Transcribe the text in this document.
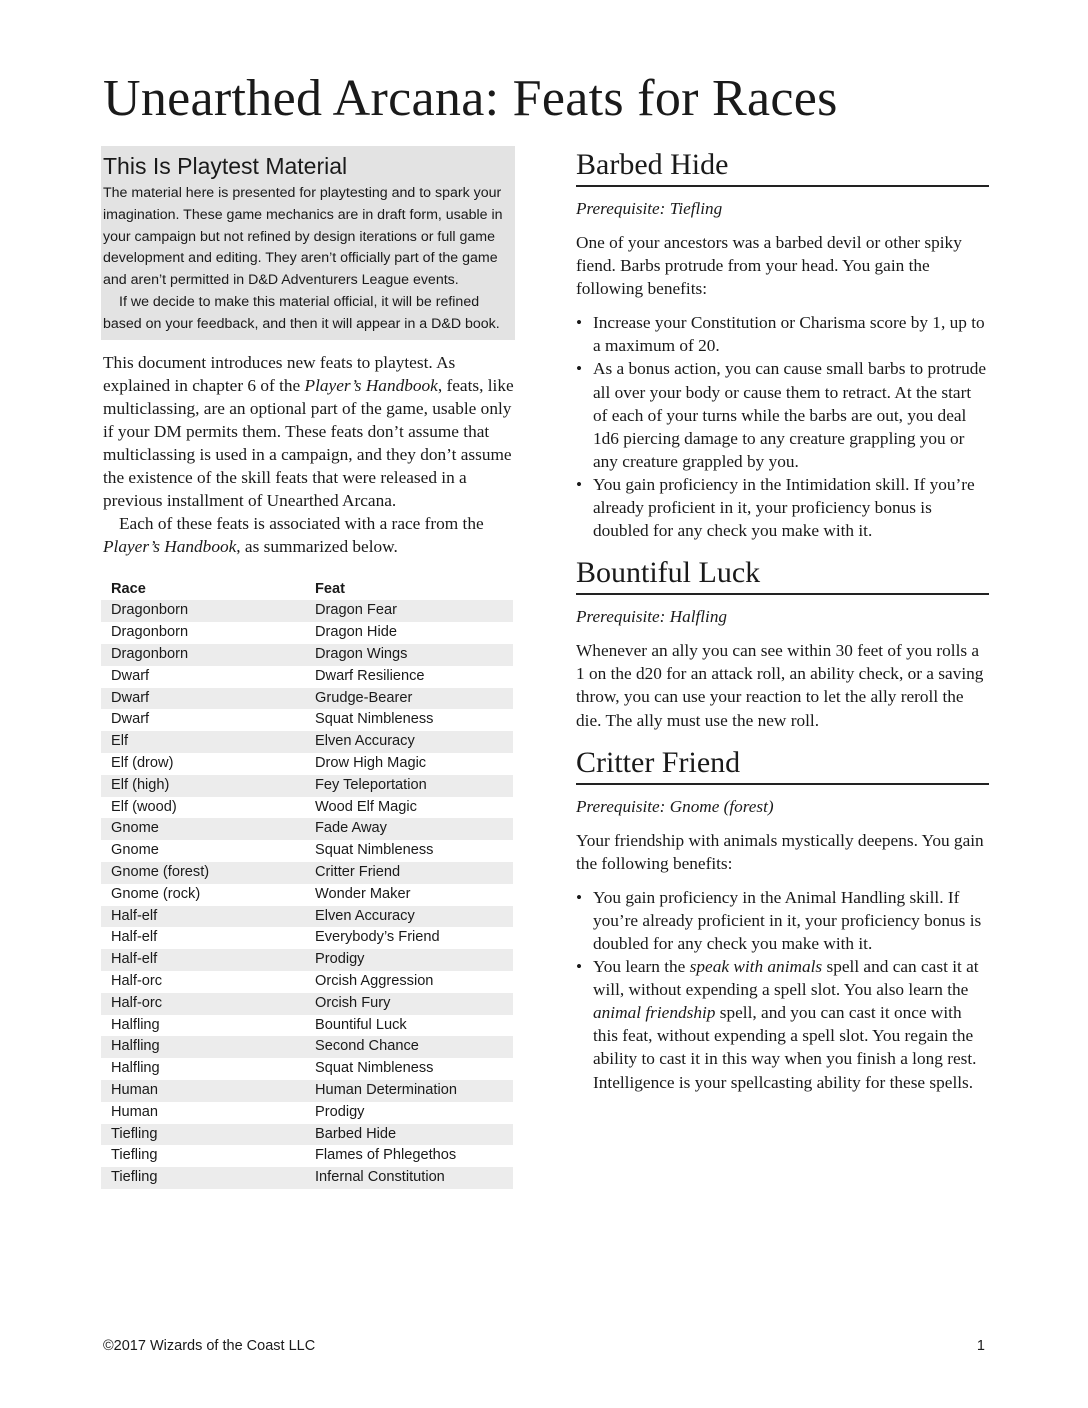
Unearthed Arcana: Feats for Races
This Is Playtest Material

The material here is presented for playtesting and to spark your imagination. These game mechanics are in draft form, usable in your campaign but not refined by design iterations or full game development and editing. They aren’t officially part of the game and aren’t permitted in D&D Adventurers League events.

If we decide to make this material official, it will be refined based on your feedback, and then it will appear in a D&D book.

This document introduces new feats to playtest. As explained in chapter 6 of the Player’s Handbook, feats, like multiclassing, are an optional part of the game, usable only if your DM permits them. These feats don’t assume that multiclassing is used in a campaign, and they don’t assume the existence of the skill feats that were released in a previous installment of Unearthed Arcana.

Each of these feats is associated with a race from the Player’s Handbook, as summarized below.

Race	Feat
Dragonborn	Dragon Fear
Dragonborn	Dragon Hide
Dragonborn	Dragon Wings
Dwarf	Dwarf Resilience
Dwarf	Grudge-Bearer
Dwarf	Squat Nimbleness
Elf	Elven Accuracy
Elf (drow)	Drow High Magic
Elf (high)	Fey Teleportation
Elf (wood)	Wood Elf Magic
Gnome	Fade Away
Gnome	Squat Nimbleness
Gnome (forest)	Critter Friend
Gnome (rock)	Wonder Maker
Half-elf	Elven Accuracy
Half-elf	Everybody’s Friend
Half-elf	Prodigy
Half-orc	Orcish Aggression
Half-orc	Orcish Fury
Halfling	Bountiful Luck
Halfling	Second Chance
Halfling	Squat Nimbleness
Human	Human Determination
Human	Prodigy
Tiefling	Barbed Hide
Tiefling	Flames of Phlegethos
Tiefling	Infernal Constitution
Barbed Hide

Prerequisite: Tiefling

One of your ancestors was a barbed devil or other spiky fiend. Barbs protrude from your head. You gain the following benefits:

• Increase your Constitution or Charisma score by 1, up to a maximum of 20.
• As a bonus action, you can cause small barbs to protrude all over your body or cause them to retract. At the start of each of your turns while the barbs are out, you deal 1d6 piercing damage to any creature grappling you or any creature grappled by you.
• You gain proficiency in the Intimidation skill. If you’re already proficient in it, your proficiency bonus is doubled for any check you make with it.
Bountiful Luck

Prerequisite: Halfling

Whenever an ally you can see within 30 feet of you rolls a 1 on the d20 for an attack roll, an ability check, or a saving throw, you can use your reaction to let the ally reroll the die. The ally must use the new roll.

Critter Friend

Prerequisite: Gnome (forest)

Your friendship with animals mystically deepens. You gain the following benefits:

• You gain proficiency in the Animal Handling skill. If you’re already proficient in it, your proficiency bonus is doubled for any check you make with it.
• You learn the speak with animals spell and can cast it at will, without expending a spell slot. You also learn the animal friendship spell, and you can cast it once with this feat, without expending a spell slot. You regain the ability to cast it in this way when you finish a long rest. Intelligence is your spellcasting ability for these spells.
©2017 Wizards of the Coast LLC	1
